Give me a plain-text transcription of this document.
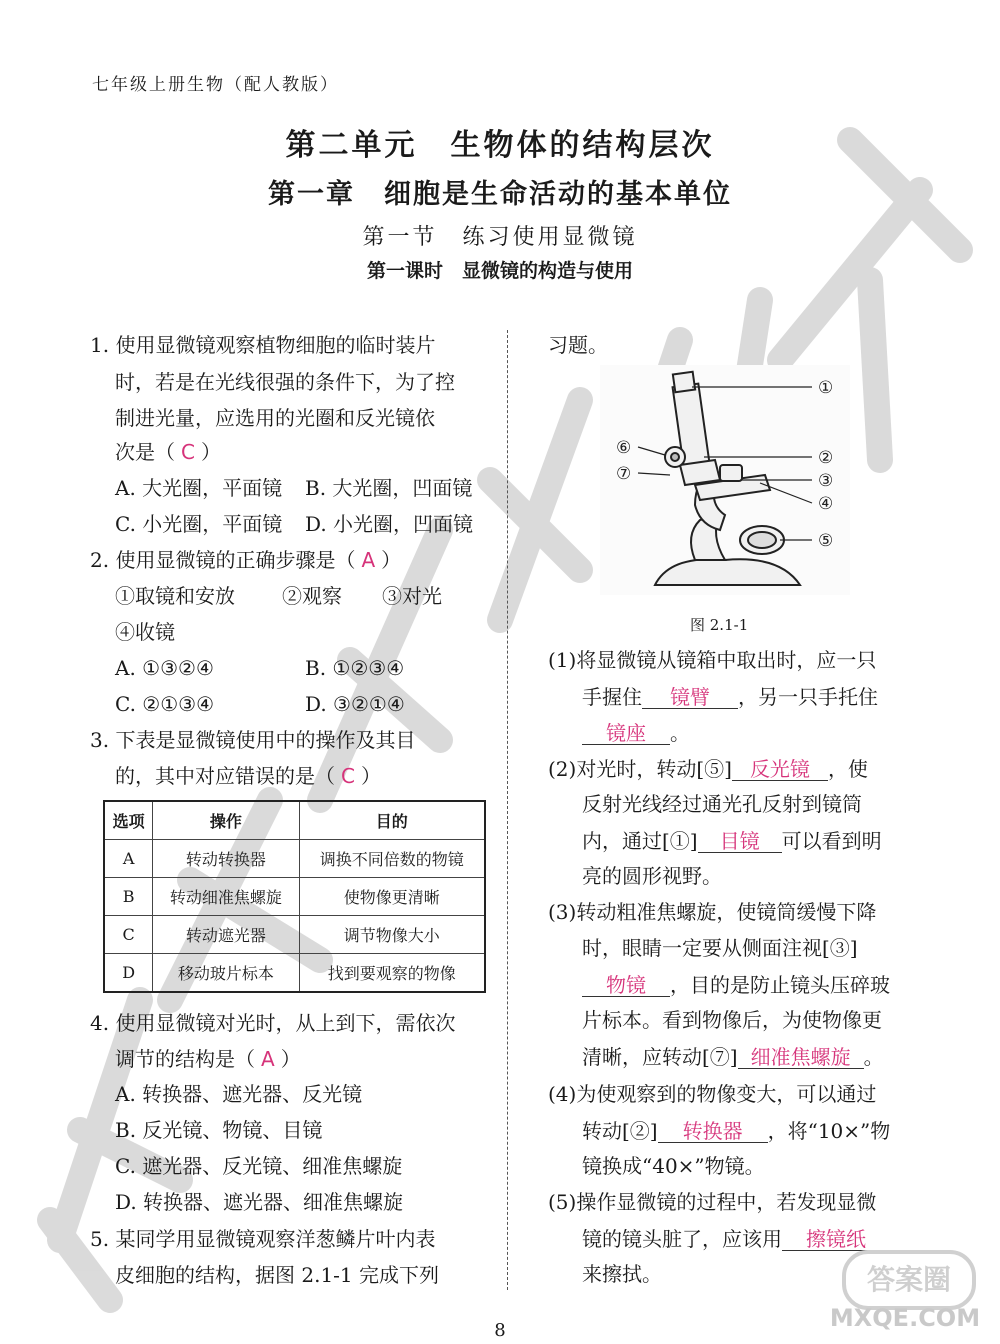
七年级上册生物（配人教版）
第二单元　生物体的结构层次
第一章　细胞是生命活动的基本单位
第一节　练习使用显微镜
第一课时　显微镜的构造与使用
1. 使用显微镜观察植物细胞的临时装片
时，若是在光线很强的条件下，为了控
制进光量，应选用的光圈和反光镜依
次是（ C ）
A. 大光圈，平面镜 B. 大光圈，凹面镜
C. 小光圈，平面镜 D. 小光圈，凹面镜
2. 使用显微镜的正确步骤是（ A ）
①取镜和安放 ②观察 ③对光
④收镜
A. ①③②④	B. ①②③④
C. ②①③④	D. ③②①④
3. 下表是显微镜使用中的操作及其目
的，其中对应错误的是（ C ）
选项	操作	目的
A	转动转换器	调换不同倍数的物镜
B	转动细准焦螺旋	使物像更清晰
C	转动遮光器	调节物像大小
D	移动玻片标本	找到要观察的物像
4. 使用显微镜对光时，从上到下，需依次
调节的结构是（ A ）
A. 转换器、遮光器、反光镜
B. 反光镜、物镜、目镜
C. 遮光器、反光镜、细准焦螺旋
D. 转换器、遮光器、细准焦螺旋
5. 某同学用显微镜观察洋葱鳞片叶内表
皮细胞的结构，据图 2.1-1 完成下列
习题。
①
②
③
④
⑤
⑥
⑦
图 2.1-1
(1)将显微镜从镜箱中取出时，应一只
手握住 镜臂 ，另一只手托住
镜座 。
(2)对光时，转动[⑤] 反光镜 ，使
反射光线经过通光孔反射到镜筒
内，通过[①] 目镜 可以看到明
亮的圆形视野。
(3)转动粗准焦螺旋，使镜筒缓慢下降
时，眼睛一定要从侧面注视[③]
物镜 ，目的是防止镜头压碎玻
片标本。看到物像后，为使物像更
清晰，应转动[⑦] 细准焦螺旋 。
(4)为使观察到的物像变大，可以通过
转动[②] 转换器 ，将“10×”物
镜换成“40×”物镜。
(5)操作显微镜的过程中，若发现显微
镜的镜头脏了，应该用 擦镜纸
来擦拭。
8
答案圈
MXQE.COM
